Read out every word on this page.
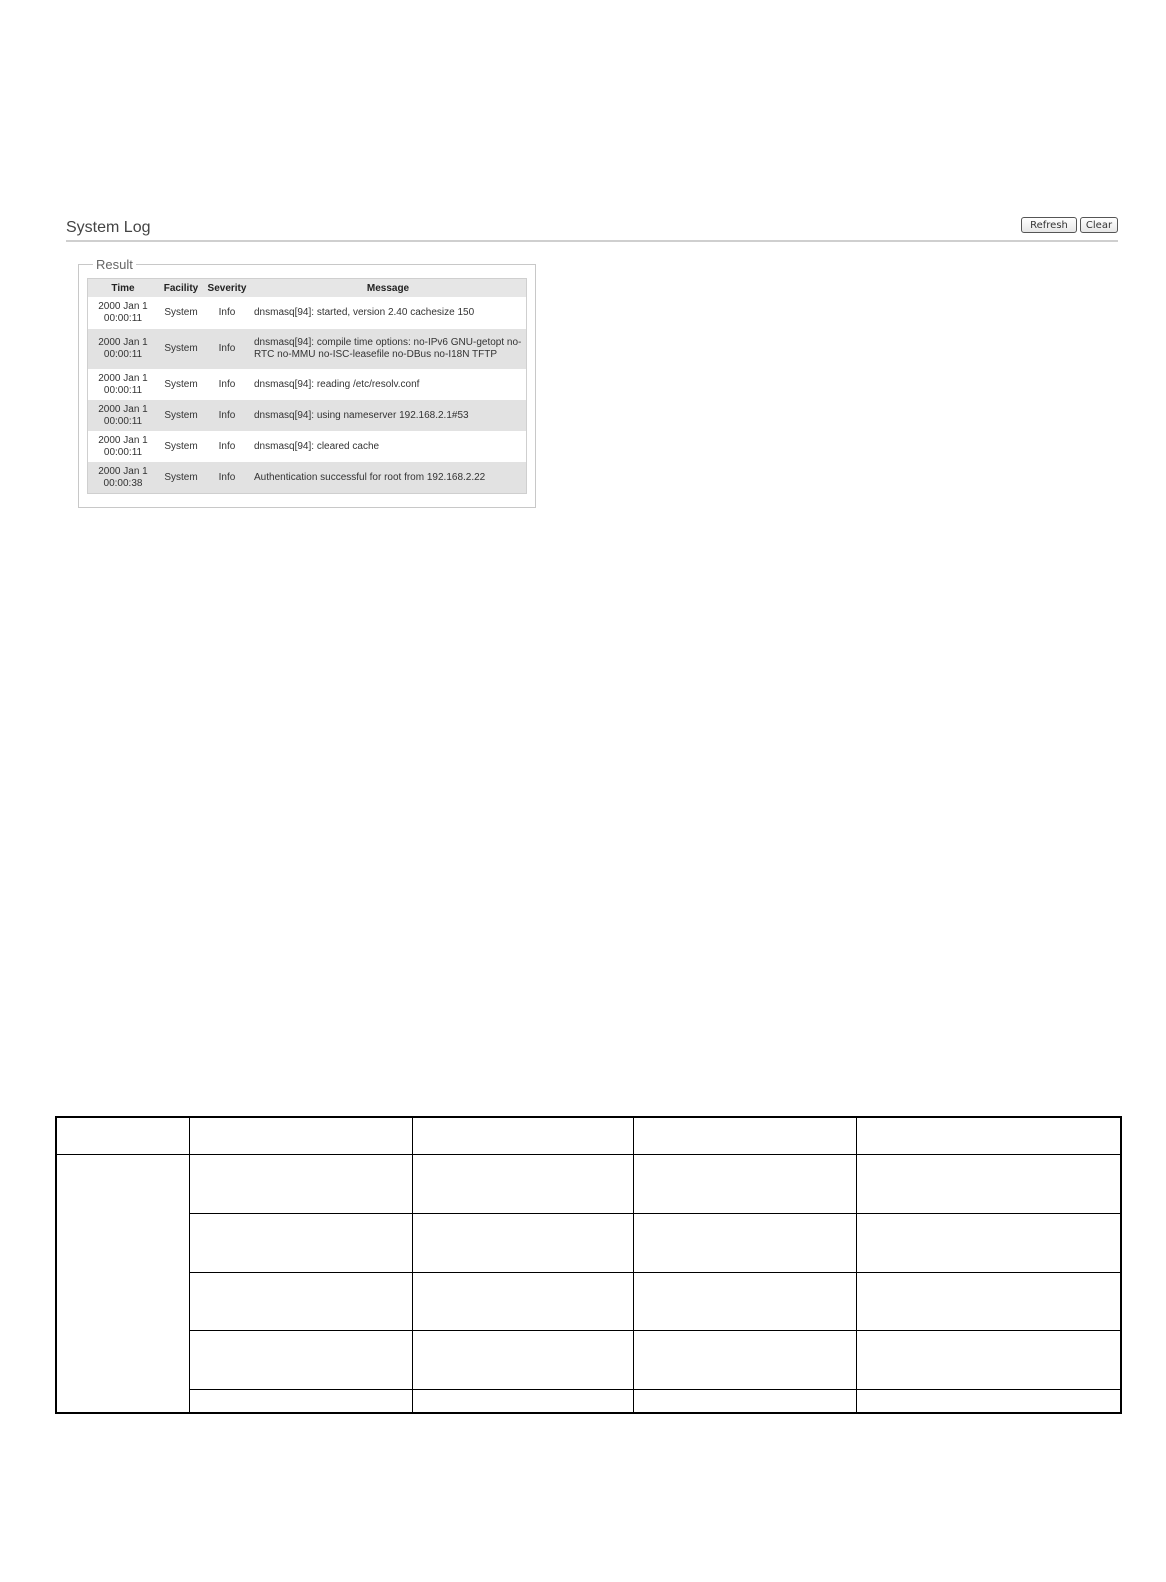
System Log	Refresh	Clear
Result
Time	Facility	Severity	Message

2000 Jan 1
00:00:11	System	Info	dnsmasq[94]: started, version 2.40 cachesize 150

2000 Jan 1
00:00:11	System	Info	dnsmasq[94]: compile time options: no-IPv6 GNU-getopt no-RTC no-MMU no-ISC-leasefile no-DBus no-I18N TFTP

2000 Jan 1
00:00:11	System	Info	dnsmasq[94]: reading /etc/resolv.conf

2000 Jan 1
00:00:11	System	Info	dnsmasq[94]: using nameserver 192.168.2.1#53

2000 Jan 1
00:00:11	System	Info	dnsmasq[94]: cleared cache

2000 Jan 1
00:00:38	System	Info	Authentication successful for root from 192.168.2.22
